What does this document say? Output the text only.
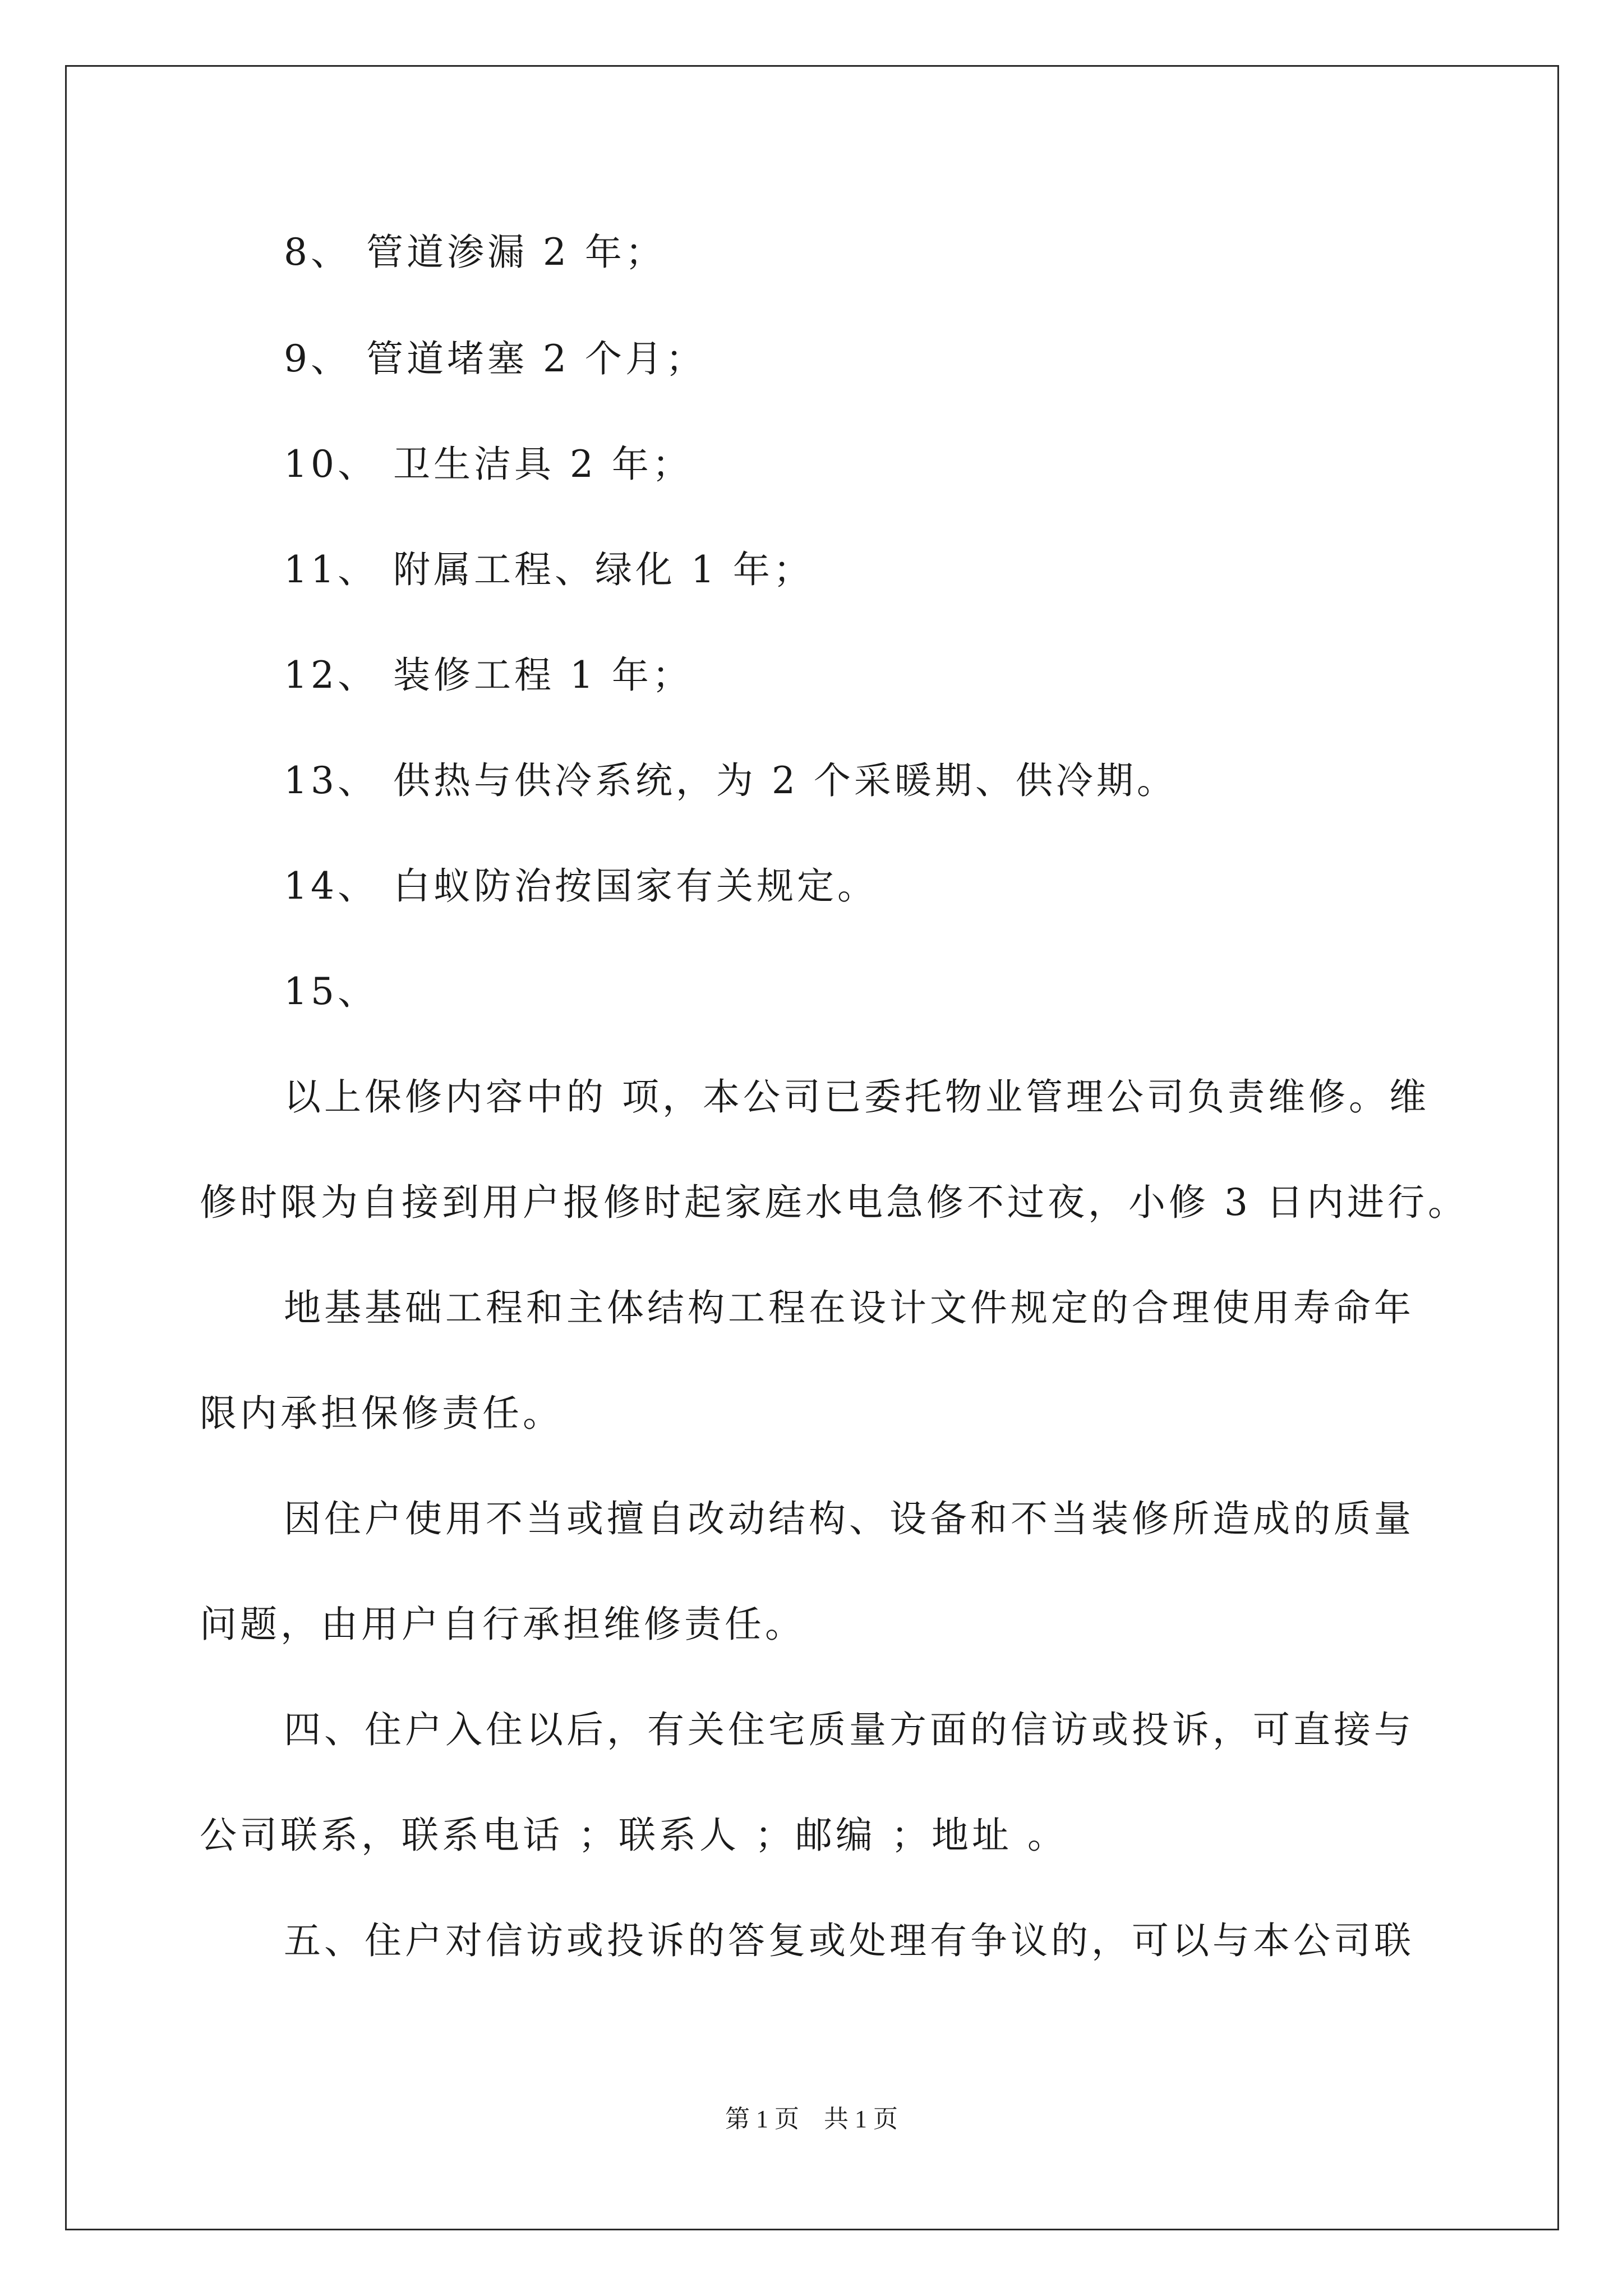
8、 管道渗漏 2 年；
9、 管道堵塞 2 个月；
10、 卫生洁具 2 年；
11、 附属工程、绿化 1 年；
12、 装修工程 1 年；
13、 供热与供冷系统，为 2 个采暖期、供冷期。
14、 白蚁防治按国家有关规定。
15、
以上保修内容中的 项，本公司已委托物业管理公司负责维修。维
修时限为自接到用户报修时起家庭水电急修不过夜，小修 3 日内进行。
地基基础工程和主体结构工程在设计文件规定的合理使用寿命年
限内承担保修责任。
因住户使用不当或擅自改动结构、设备和不当装修所造成的质量
问题，由用户自行承担维修责任。
四、住户入住以后，有关住宅质量方面的信访或投诉，可直接与
公司联系，联系电话 ；联系人 ；邮编 ；地址 。
五、住户对信访或投诉的答复或处理有争议的，可以与本公司联
第 1 页　共 1 页
